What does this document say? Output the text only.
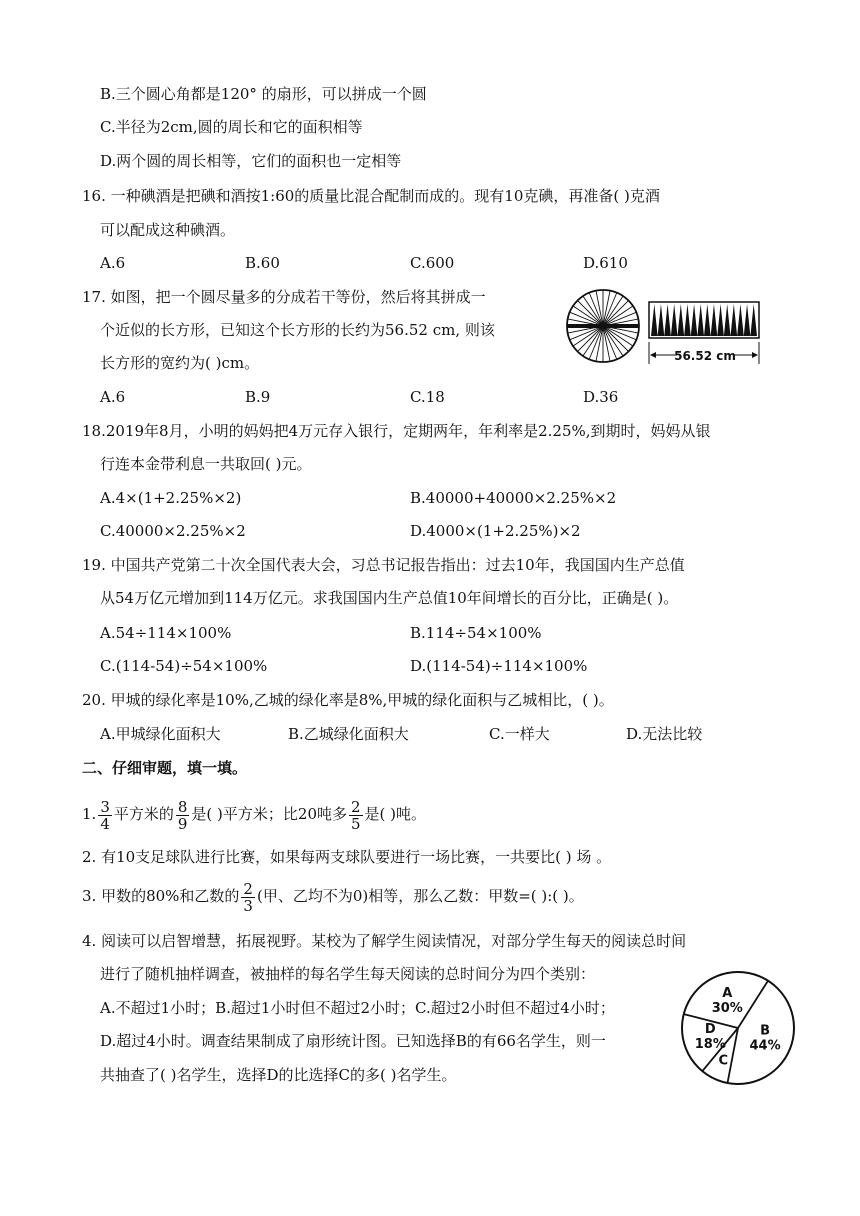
B.三个圆心角都是120° 的扇形，可以拼成一个圆
C.半径为2cm,圆的周长和它的面积相等
D.两个圆的周长相等，它们的面积也一定相等
16. 一种碘酒是把碘和酒按1:60的质量比混合配制而成的。现有10克碘，再准备( )克酒
可以配成这种碘酒。
A.6	B.60	C.600	D.610
17. 如图，把一个圆尽量多的分成若干等份，然后将其拼成一
个近似的长方形，已知这个长方形的长约为56.52 cm, 则该
长方形的宽约为( )cm。	56.52 cm
A.6	B.9	C.18	D.36
18.2019年8月，小明的妈妈把4万元存入银行，定期两年，年利率是2.25%,到期时，妈妈从银
行连本金带利息一共取回( )元。
A.4×(1+2.25%×2)	B.40000+40000×2.25%×2
C.40000×2.25%×2	D.4000×(1+2.25%)×2
19. 中国共产党第二十次全国代表大会，习总书记报告指出：过去10年，我国国内生产总值
从54万亿元增加到114万亿元。求我国国内生产总值10年间增长的百分比，正确是( )。
A.54÷114×100%	B.114÷54×100%
C.(114-54)÷54×100%	D.(114-54)÷114×100%
20. 甲城的绿化率是10%,乙城的绿化率是8%,甲城的绿化面积与乙城相比，( )。
A.甲城绿化面积大	B.乙城绿化面积大	C.一样大	D.无法比较
二、仔细审题，填一填。
1. $\frac{3}{4}$ 平方米的 $\frac{8}{9}$ 是( )平方米；比20吨多 $\frac{2}{5}$ 是( )吨。
2. 有10支足球队进行比赛，如果每两支球队要进行一场比赛，一共要比( ) 场 。
3. 甲数的80%和乙数的 $\frac{2}{3}$ (甲、乙均不为0)相等，那么乙数：甲数=( ):( )。
4. 阅读可以启智增慧，拓展视野。某校为了解学生阅读情况，对部分学生每天的阅读总时间
进行了随机抽样调查，被抽样的每名学生每天阅读的总时间分为四个类别：
A.不超过1小时；B.超过1小时但不超过2小时；C.超过2小时但不超过4小时；
D.超过4小时。调查结果制成了扇形统计图。已知选择B的有66名学生，则一
共抽查了( )名学生，选择D的比选择C的多( )名学生。
A
30%
B
44%
C
D
18%
